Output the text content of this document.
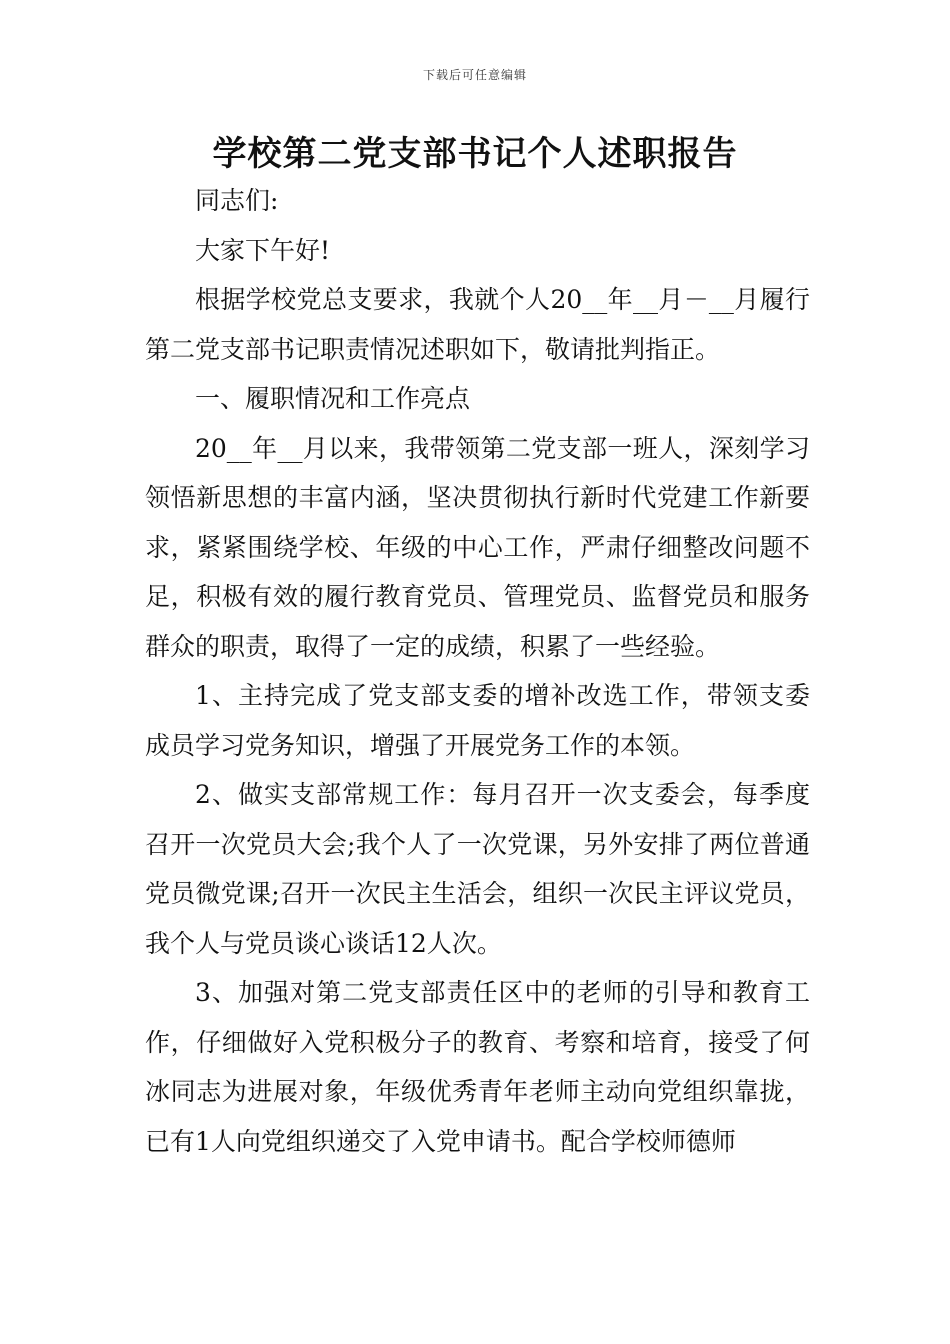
下载后可任意编辑
学校第二党支部书记个人述职报告

同志们:

大家下午好!

根据学校党总支要求，我就个人20__年__月－__月履行第二党支部书记职责情况述职如下，敬请批判指正。

一、履职情况和工作亮点

20__年__月以来，我带领第二党支部一班人，深刻学习领悟新思想的丰富内涵，坚决贯彻执行新时代党建工作新要求，紧紧围绕学校、年级的中心工作，严肃仔细整改问题不足，积极有效的履行教育党员、管理党员、监督党员和服务群众的职责，取得了一定的成绩，积累了一些经验。

1、主持完成了党支部支委的增补改选工作，带领支委成员学习党务知识，增强了开展党务工作的本领。

2、做实支部常规工作：每月召开一次支委会，每季度召开一次党员大会;我个人了一次党课，另外安排了两位普通党员微党课;召开一次民主生活会，组织一次民主评议党员，我个人与党员谈心谈话12人次。

3、加强对第二党支部责任区中的老师的引导和教育工作，仔细做好入党积极分子的教育、考察和培育，接受了何冰同志为进展对象，年级优秀青年老师主动向党组织靠拢，已有1人向党组织递交了入党申请书。配合学校师德师
